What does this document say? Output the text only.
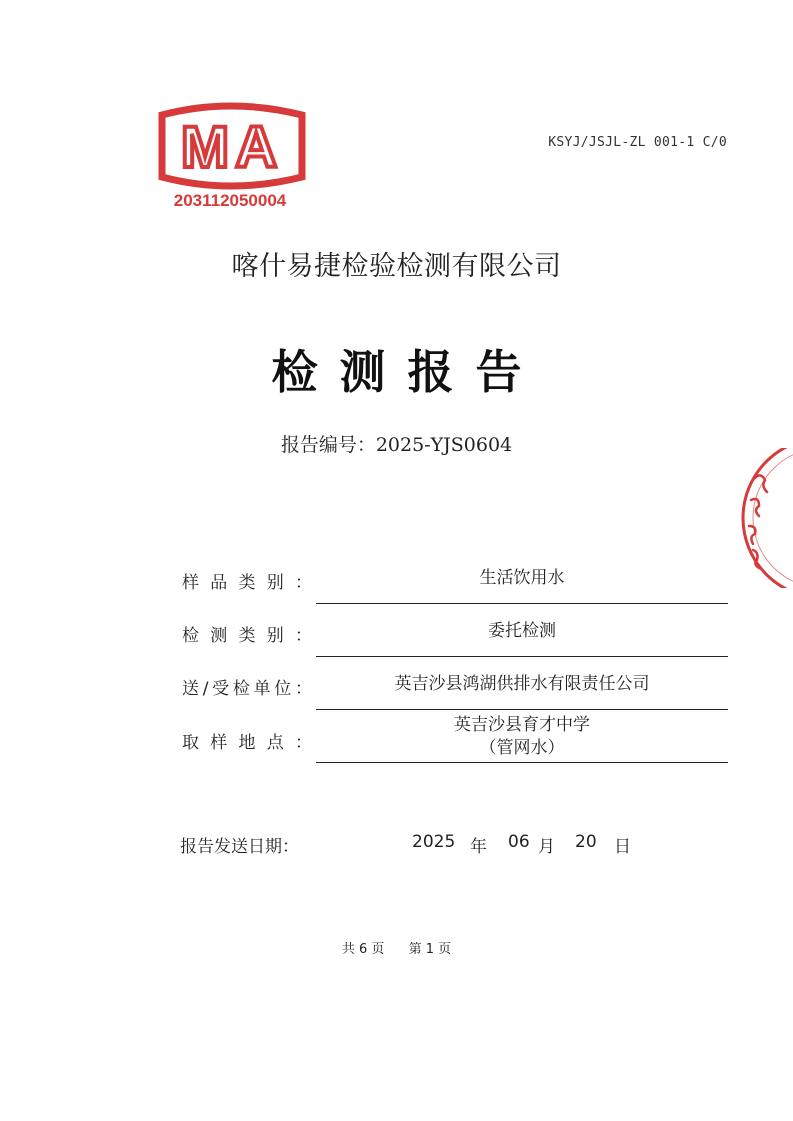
KSYJ/JSJL-ZL 001-1 C/0
MA
203112050004
喀什易捷检验检测有限公司
检测报告
报告编号：2025-YJS0604
样品类别：	生活饮用水
检测类别：	委托检测
送/受检单位：	英吉沙县鸿湖供排水有限责任公司
取样地点：
英吉沙县育才中学
（管网水）
报告发送日期：	2025 年 06 月 20 日
共 6 页 第 1 页
